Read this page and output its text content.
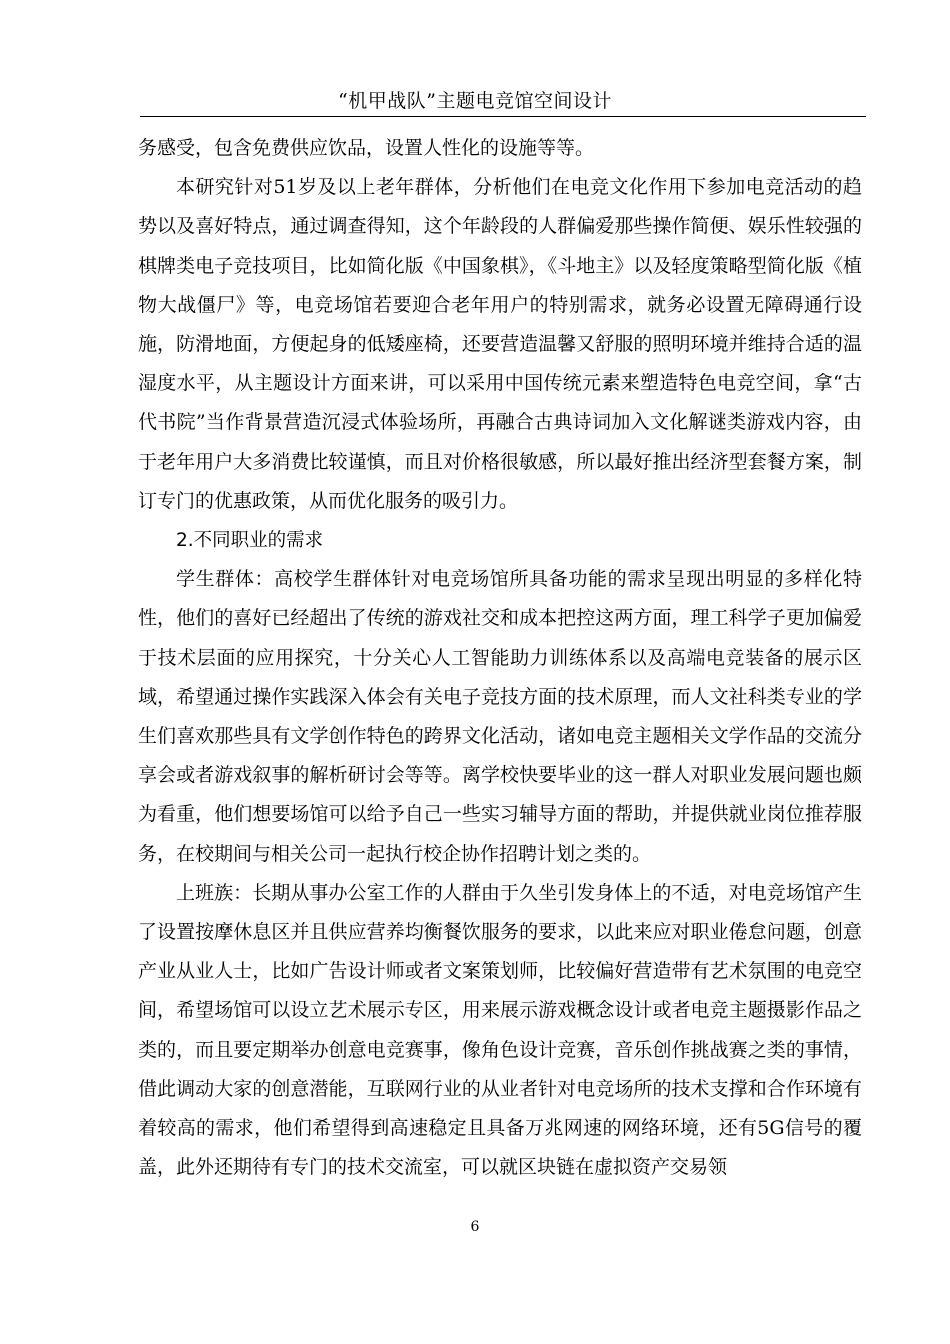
“机甲战队”主题电竞馆空间设计

务感受，包含免费供应饮品，设置人性化的设施等等。

本研究针对51岁及以上老年群体，分析他们在电竞文化作用下参加电竞活动的趋势以及喜好特点，通过调查得知，这个年龄段的人群偏爱那些操作简便、娱乐性较强的棋牌类电子竞技项目，比如简化版《中国象棋》，《斗地主》以及轻度策略型简化版《植物大战僵尸》等，电竞场馆若要迎合老年用户的特别需求，就务必设置无障碍通行设施，防滑地面，方便起身的低矮座椅，还要营造温馨又舒服的照明环境并维持合适的温湿度水平，从主题设计方面来讲，可以采用中国传统元素来塑造特色电竞空间，拿“古代书院”当作背景营造沉浸式体验场所，再融合古典诗词加入文化解谜类游戏内容，由于老年用户大多消费比较谨慎，而且对价格很敏感，所以最好推出经济型套餐方案，制订专门的优惠政策，从而优化服务的吸引力。

2.不同职业的需求

学生群体：高校学生群体针对电竞场馆所具备功能的需求呈现出明显的多样化特性，他们的喜好已经超出了传统的游戏社交和成本把控这两方面，理工科学子更加偏爱于技术层面的应用探究，十分关心人工智能助力训练体系以及高端电竞装备的展示区域，希望通过操作实践深入体会有关电子竞技方面的技术原理，而人文社科类专业的学生们喜欢那些具有文学创作特色的跨界文化活动，诸如电竞主题相关文学作品的交流分享会或者游戏叙事的解析研讨会等等。离学校快要毕业的这一群人对职业发展问题也颇为看重，他们想要场馆可以给予自己一些实习辅导方面的帮助，并提供就业岗位推荐服务，在校期间与相关公司一起执行校企协作招聘计划之类的。

上班族：长期从事办公室工作的人群由于久坐引发身体上的不适，对电竞场馆产生了设置按摩休息区并且供应营养均衡餐饮服务的要求，以此来应对职业倦怠问题，创意产业从业人士，比如广告设计师或者文案策划师，比较偏好营造带有艺术氛围的电竞空间，希望场馆可以设立艺术展示专区，用来展示游戏概念设计或者电竞主题摄影作品之类的，而且要定期举办创意电竞赛事，像角色设计竞赛，音乐创作挑战赛之类的事情，借此调动大家的创意潜能，互联网行业的从业者针对电竞场所的技术支撑和合作环境有着较高的需求，他们希望得到高速稳定且具备万兆网速的网络环境，还有5G信号的覆盖，此外还期待有专门的技术交流室，可以就区块链在虚拟资产交易领

6
